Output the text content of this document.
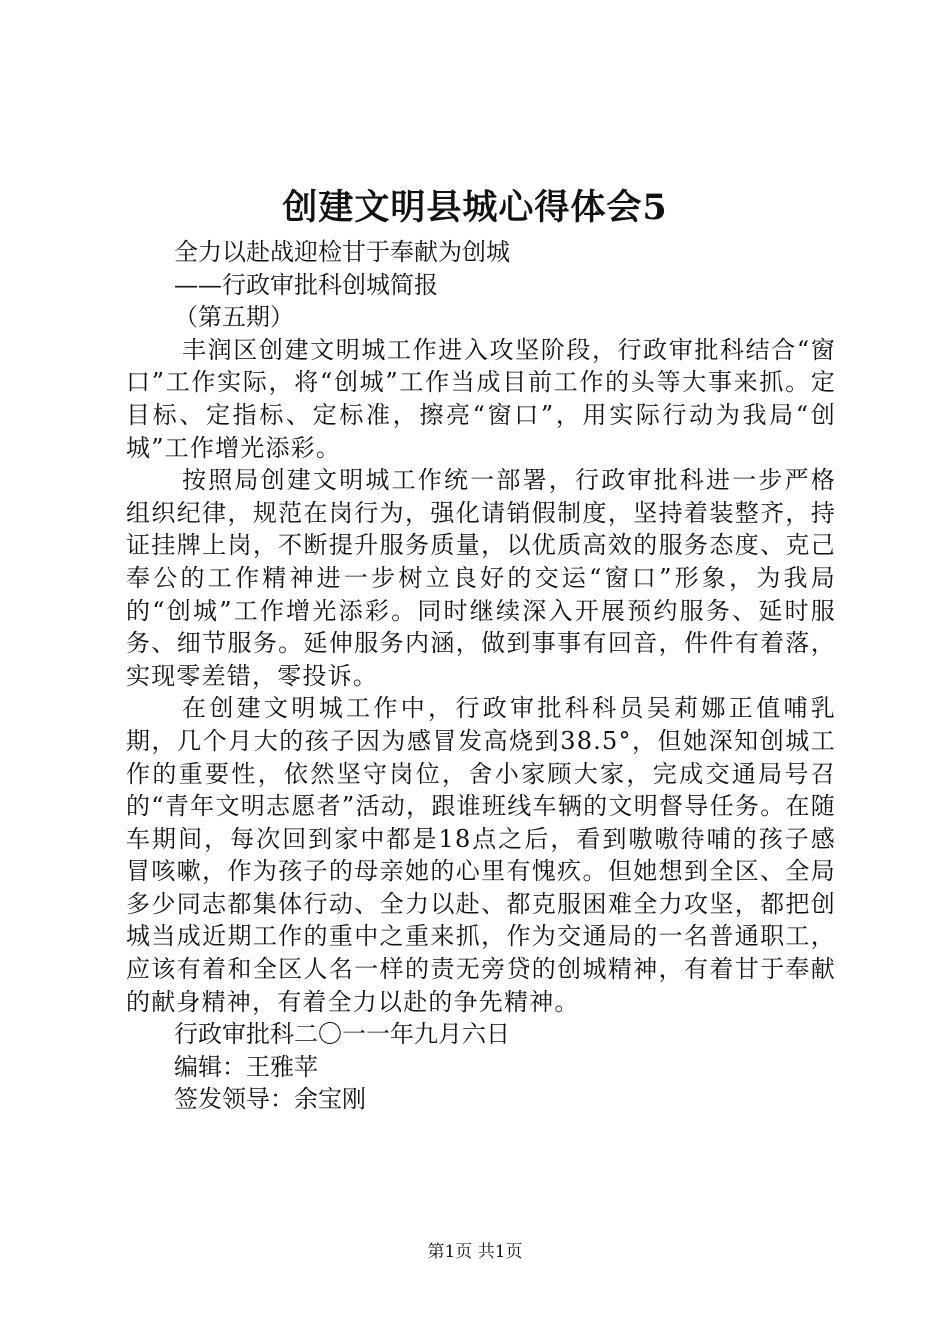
创建文明县城心得体会5

全力以赴战迎检甘于奉献为创城

——行政审批科创城简报

（第五期）

丰润区创建文明城工作进入攻坚阶段，行政审批科结合“窗口”工作实际，将“创城”工作当成目前工作的头等大事来抓。定目标、定指标、定标准，擦亮“窗口”，用实际行动为我局“创城”工作增光添彩。

按照局创建文明城工作统一部署，行政审批科进一步严格组织纪律，规范在岗行为，强化请销假制度，坚持着装整齐，持证挂牌上岗，不断提升服务质量，以优质高效的服务态度、克己奉公的工作精神进一步树立良好的交运“窗口”形象，为我局的“创城”工作增光添彩。同时继续深入开展预约服务、延时服务、细节服务。延伸服务内涵，做到事事有回音，件件有着落，实现零差错，零投诉。

在创建文明城工作中，行政审批科科员吴莉娜正值哺乳期，几个月大的孩子因为感冒发高烧到38.5°，但她深知创城工作的重要性，依然坚守岗位，舍小家顾大家，完成交通局号召的“青年文明志愿者”活动，跟谁班线车辆的文明督导任务。在随车期间，每次回到家中都是18点之后，看到嗷嗷待哺的孩子感冒咳嗽，作为孩子的母亲她的心里有愧疚。但她想到全区、全局多少同志都集体行动、全力以赴、都克服困难全力攻坚，都把创城当成近期工作的重中之重来抓，作为交通局的一名普通职工，应该有着和全区人名一样的责无旁贷的创城精神，有着甘于奉献的献身精神，有着全力以赴的争先精神。

行政审批科二〇一一年九月六日

编辑：王雅苹

签发领导：余宝刚

第1页 共1页
